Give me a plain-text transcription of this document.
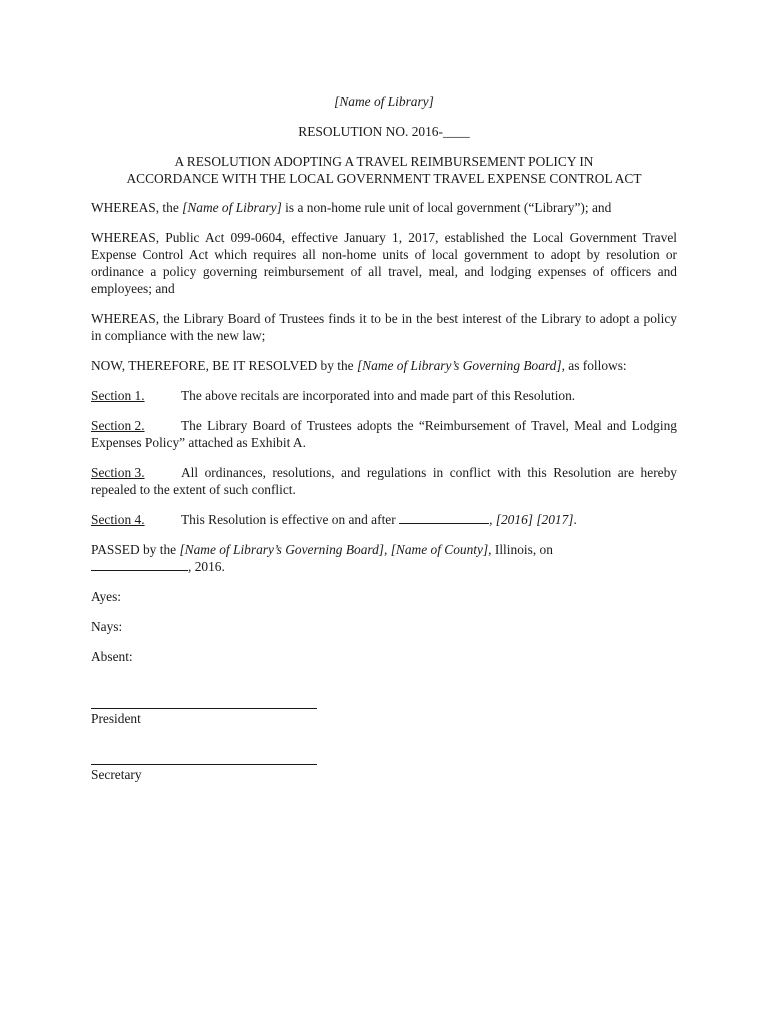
[Name of Library]

RESOLUTION NO. 2016-____

A RESOLUTION ADOPTING A TRAVEL REIMBURSEMENT POLICY IN

ACCORDANCE WITH THE LOCAL GOVERNMENT TRAVEL EXPENSE CONTROL ACT

WHEREAS, the [Name of Library] is a non-home rule unit of local government (“Library”); and

WHEREAS, Public Act 099-0604, effective January 1, 2017, established the Local Government Travel Expense Control Act which requires all non-home units of local government to adopt by resolution or ordinance a policy governing reimbursement of all travel, meal, and lodging expenses of officers and employees; and

WHEREAS, the Library Board of Trustees finds it to be in the best interest of the Library to adopt a policy in compliance with the new law;

NOW, THEREFORE, BE IT RESOLVED by the [Name of Library’s Governing Board], as follows:

Section 1.	The above recitals are incorporated into and made part of this Resolution.

Section 2.	The Library Board of Trustees adopts the “Reimbursement of Travel, Meal and Lodging Expenses Policy” attached as Exhibit A.

Section 3.	All ordinances, resolutions, and regulations in conflict with this Resolution are hereby repealed to the extent of such conflict.

Section 4.	This Resolution is effective on and after	, [2016] [2017].

PASSED by the [Name of Library’s Governing Board], [Name of County], Illinois, on
, 2016.

Ayes:

Nays:

Absent:

President

Secretary
